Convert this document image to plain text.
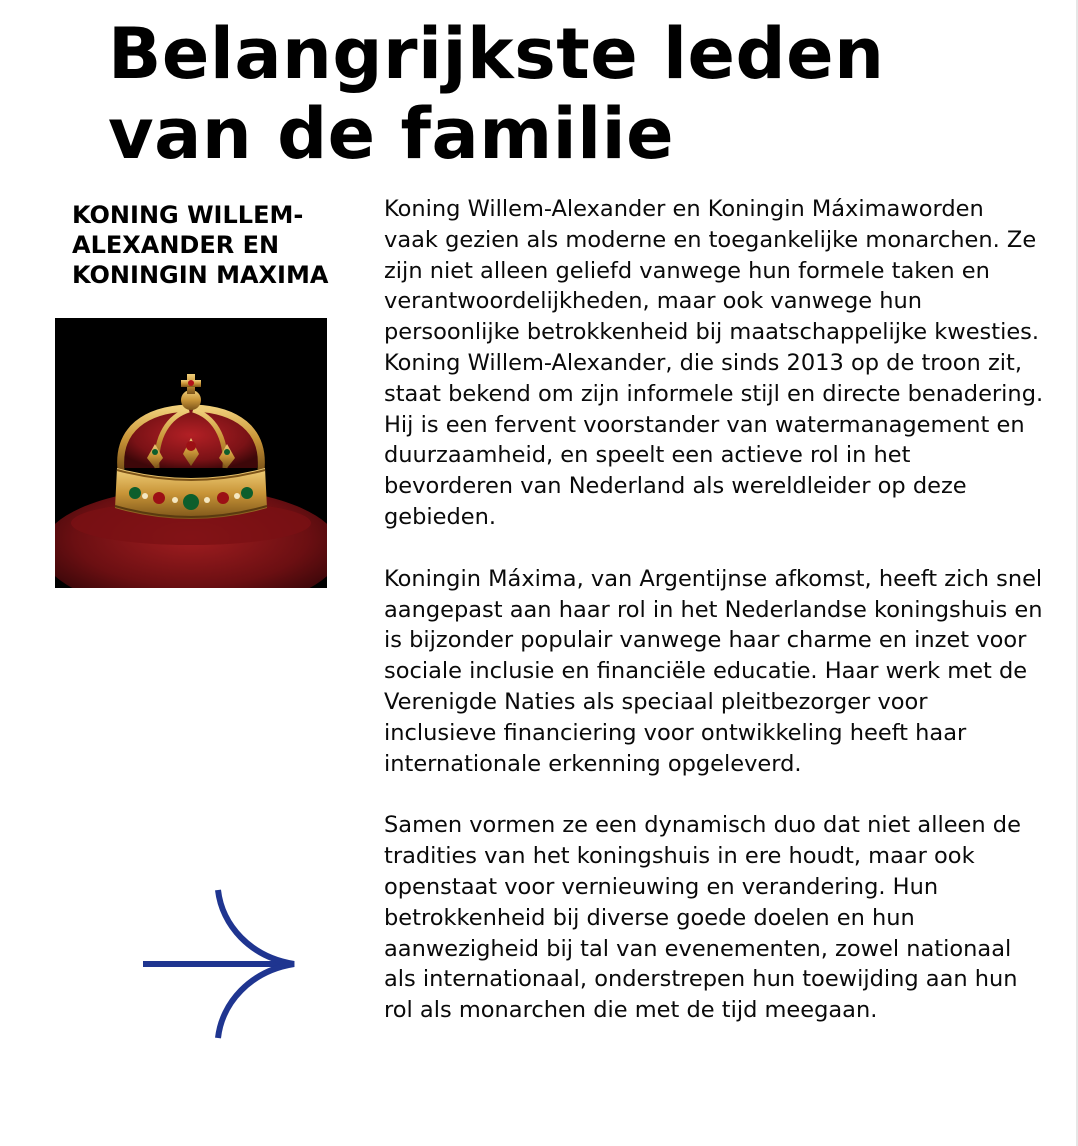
Belangrijkste leden van de familie
KONING WILLEM-ALEXANDER EN KONINGIN MAXIMA

Koning Willem-Alexander en Koningin Máximaworden vaak gezien als moderne en toegankelijke monarchen. Ze zijn niet alleen geliefd vanwege hun formele taken en verantwoordelijkheden, maar ook vanwege hun persoonlijke betrokkenheid bij maatschappelijke kwesties. Koning Willem-Alexander, die sinds 2013 op de troon zit, staat bekend om zijn informele stijl en directe benadering. Hij is een fervent voorstander van watermanagement en duurzaamheid, en speelt een actieve rol in het bevorderen van Nederland als wereldleider op deze gebieden.

Koningin Máxima, van Argentijnse afkomst, heeft zich snel aangepast aan haar rol in het Nederlandse koningshuis en is bijzonder populair vanwege haar charme en inzet voor sociale inclusie en financiële educatie. Haar werk met de Verenigde Naties als speciaal pleitbezorger voor inclusieve financiering voor ontwikkeling heeft haar internationale erkenning opgeleverd.

Samen vormen ze een dynamisch duo dat niet alleen de tradities van het koningshuis in ere houdt, maar ook openstaat voor vernieuwing en verandering. Hun betrokkenheid bij diverse goede doelen en hun aanwezigheid bij tal van evenementen, zowel nationaal als internationaal, onderstrepen hun toewijding aan hun rol als monarchen die met de tijd meegaan.
